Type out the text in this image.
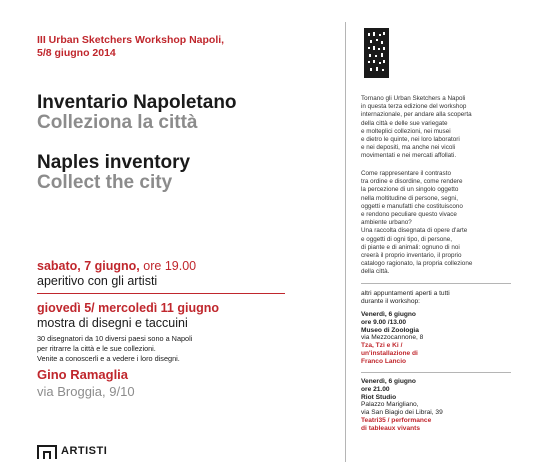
III Urban Sketchers Workshop Napoli,
5/8 giugno 2014
Inventario Napoletano
Colleziona la città
Naples inventory
Collect the city
sabato, 7 giugno, ore 19.00
aperitivo con gli artisti
giovedì 5/ mercoledì 11 giugno
mostra di disegni e taccuini
30 disegnatori da 10 diversi paesi sono a Napoli
per ritrarre la città e le sue collezioni.
Venite a conoscerli e a vedere i loro disegni.
Gino Ramaglia
via Broggia, 9/10
ARTISTI
Tornano gli Urban Sketchers a Napoli
in questa terza edizione del workshop
internazionale, per andare alla scoperta
della città e delle sue variegate
e molteplici collezioni, nei musei
e dietro le quinte, nei loro laboratori
e nei depositi, ma anche nei vicoli
movimentati e nei mercati affollati.
Come rappresentare il contrasto
tra ordine e disordine, come rendere
la percezione di un singolo oggetto
nella moltitudine di persone, segni,
oggetti e manufatti che costituiscono
e rendono peculiare questo vivace
ambiente urbano?
Una raccolta disegnata di opere d'arte
e oggetti di ogni tipo, di persone,
di piante e di animali: ognuno di noi
creerà il proprio inventario, il proprio
catalogo ragionato, la propria collezione
della città.
altri appuntamenti aperti a tutti
durante il workshop:
Venerdì, 6 giugno
ore 9.00 /13.00
Museo di Zoologia
via Mezzocannone, 8
Tza, Tzi e Ki /
un'installazione di
Franco Lancio
Venerdì, 6 giugno
ore 21.00
Riot Studio
Palazzo Marigliano,
via San Biagio dei Librai, 39
Teatri35 / performance
di tableaux vivants
